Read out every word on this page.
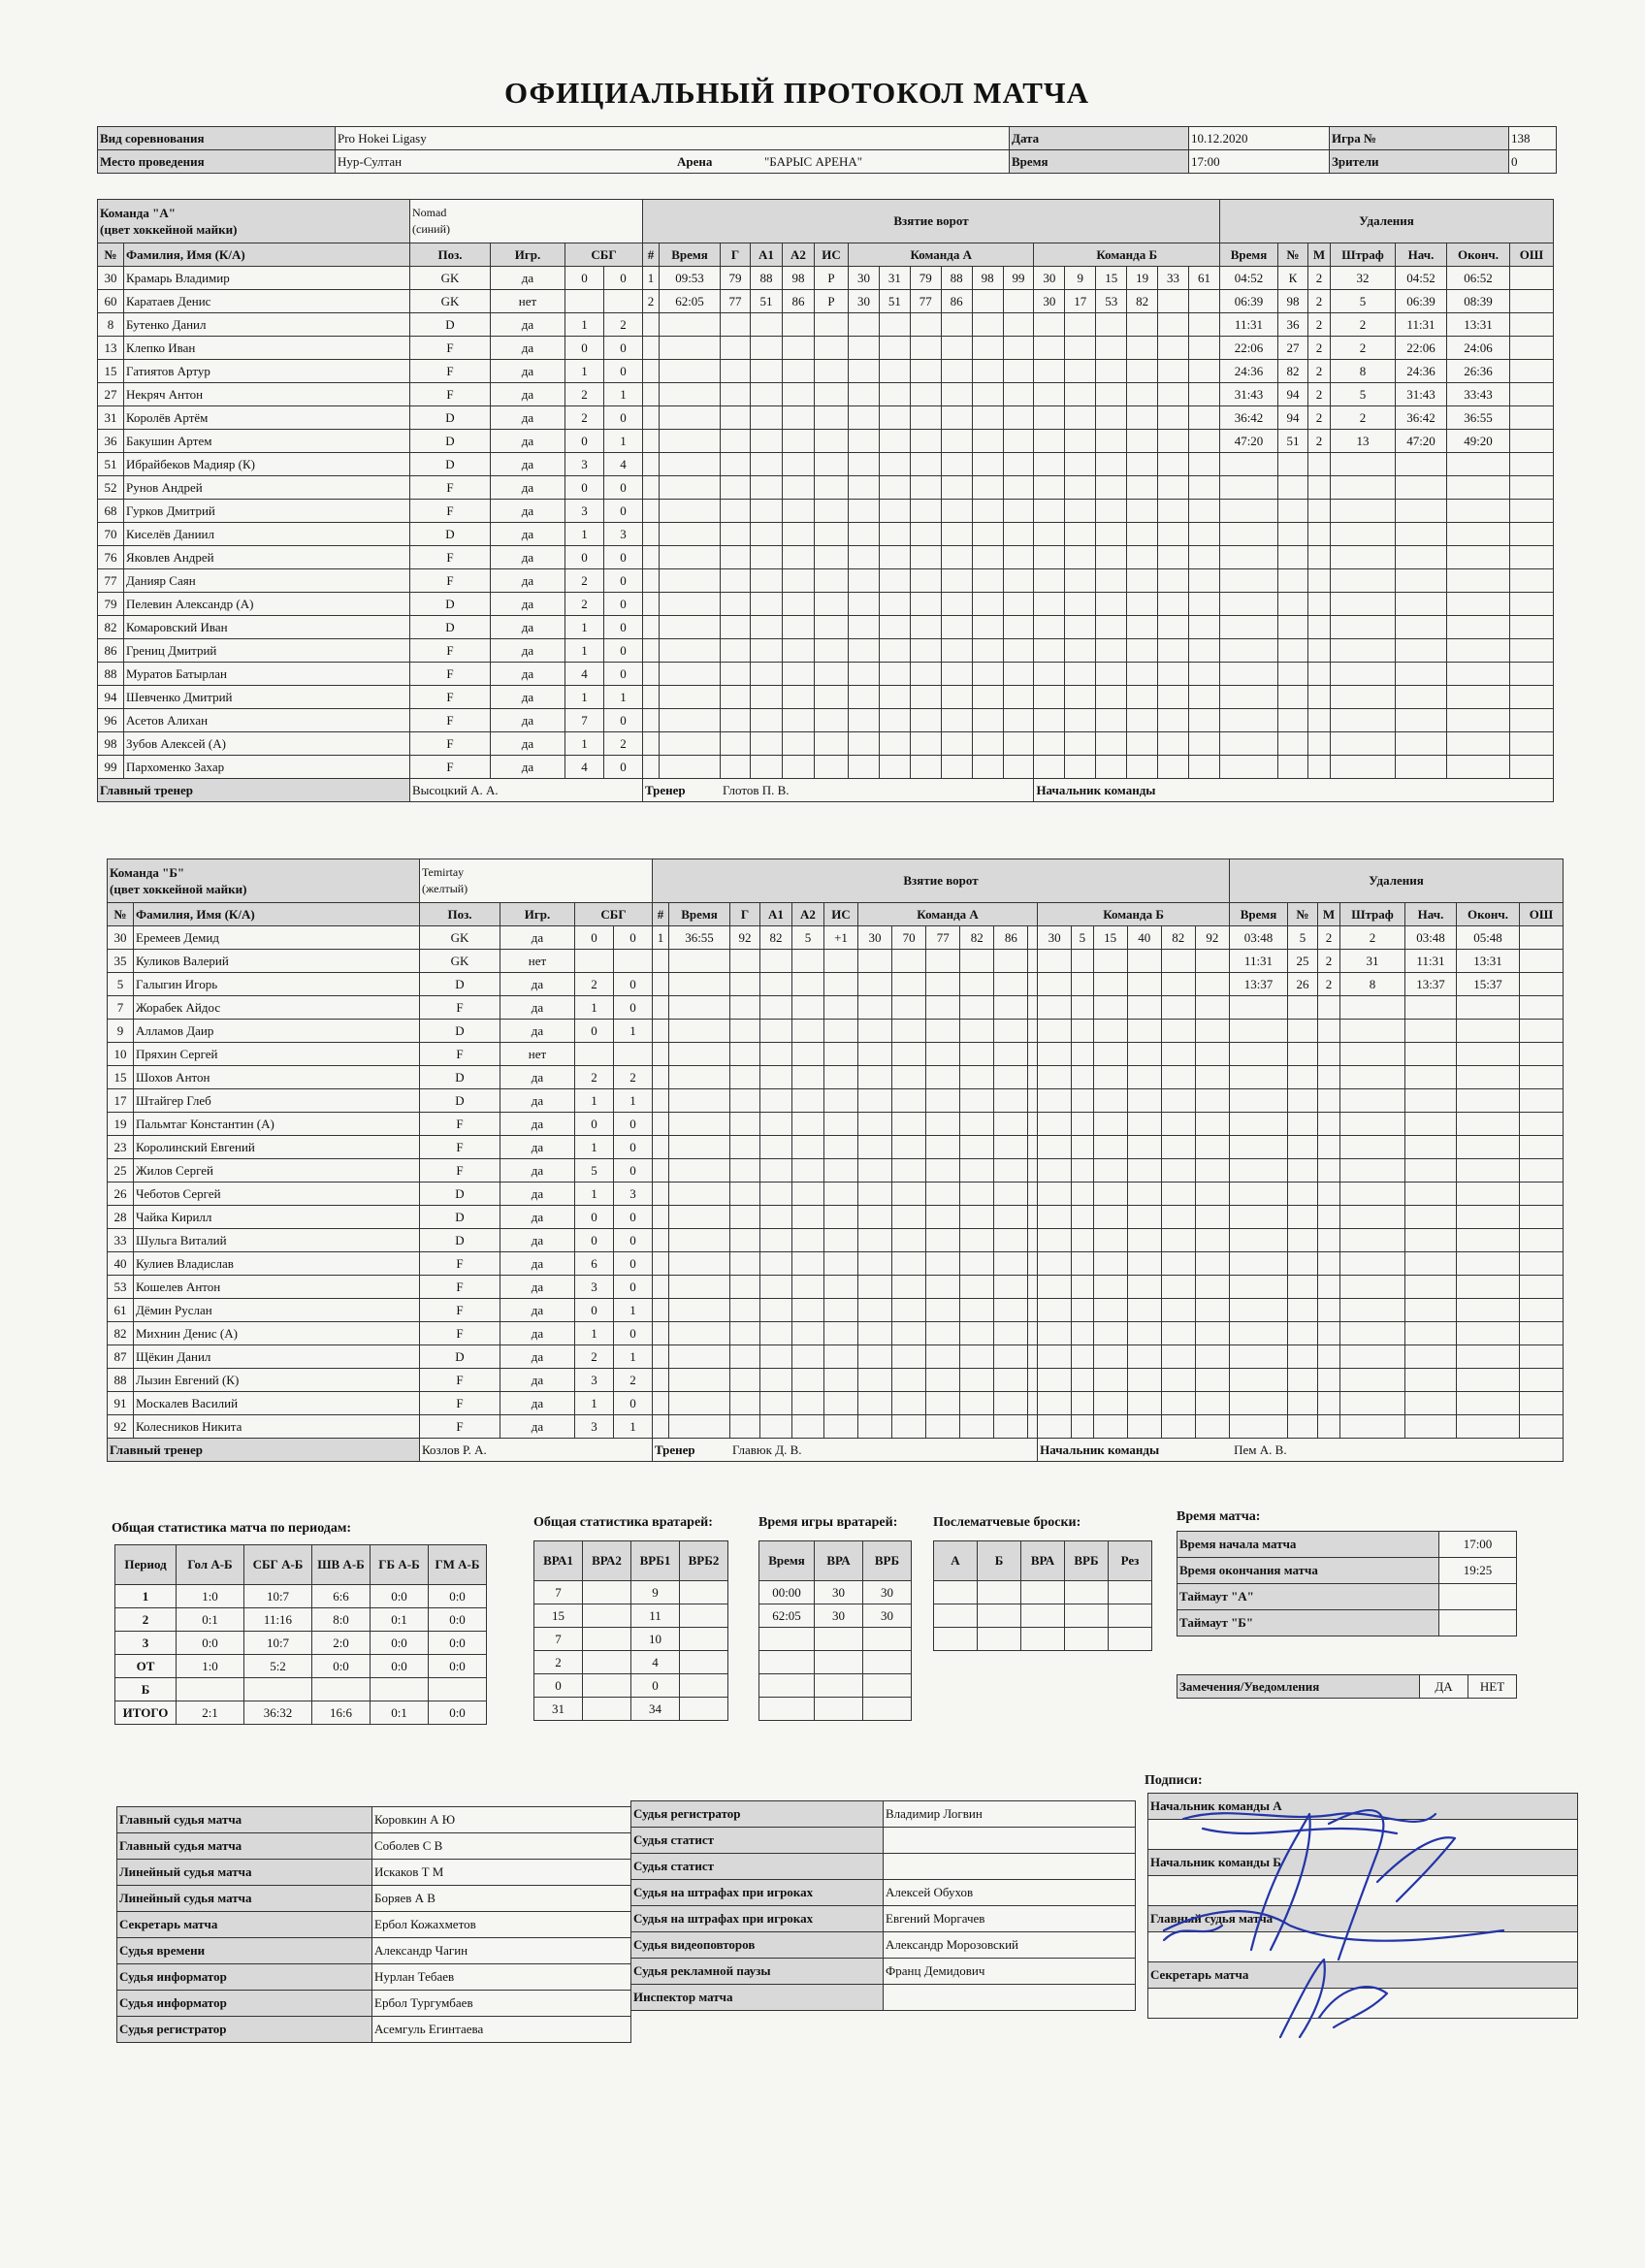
ОФИЦИАЛЬНЫЙ ПРОТОКОЛ МАТЧА
Вид соревнования	Pro Hokei Ligasy	Дата	10.12.2020	Игра №	138
Место проведения	Нур-Султан Арена "БАРЫС АРЕНА"	Время	17:00	Зрители	0
Команда "А"
(цвет хоккейной майки)		Nomad
(синий)				Взятие ворот																		Удаления						
№	Фамилия, Имя (К/А)	Поз.	Игр.	СБГ		#	Время	Г	А1	А2	ИС	Команда А						Команда Б						Время	№	М	Штраф	Нач.	Оконч.	ОШ
30	Крамарь Владимир	GK	да	0	0	1	09:53	79	88	98	Р	30	31	79	88	98	99	30	9	15	19	33	61	04:52	К	2	32	04:52	06:52	
60	Каратаев Денис	GK	нет			2	62:05	77	51	86	Р	30	51	77	86			30	17	53	82			06:39	98	2	5	06:39	08:39	
8	Бутенко Данил	D	да	1	2																			11:31	36	2	2	11:31	13:31	
13	Клепко Иван	F	да	0	0																			22:06	27	2	2	22:06	24:06	
15	Гатиятов Артур	F	да	1	0																			24:36	82	2	8	24:36	26:36	
27	Некряч Антон	F	да	2	1																			31:43	94	2	5	31:43	33:43	
31	Королёв Артём	D	да	2	0																			36:42	94	2	2	36:42	36:55	
36	Бакушин Артем	D	да	0	1																			47:20	51	2	13	47:20	49:20	
51	Ибрайбеков Мадияр (К)	D	да	3	4																									
52	Рунов Андрей	F	да	0	0																									
68	Гурков Дмитрий	F	да	3	0																									
70	Киселёв Даниил	D	да	1	3																									
76	Яковлев Андрей	F	да	0	0																									
77	Данияр Саян	F	да	2	0																									
79	Пелевин Александр (А)	D	да	2	0																									
82	Комаровский Иван	D	да	1	0																									
86	Грениц Дмитрий	F	да	1	0																									
88	Муратов Батырлан	F	да	4	0																									
94	Шевченко Дмитрий	F	да	1	1																									
96	Асетов Алихан	F	да	7	0																									
98	Зубов Алексей (А)	F	да	1	2																									
99	Пархоменко Захар	F	да	4	0																									
Главный тренер		Высоцкий А. А.				Тренер Глотов П. В.												Начальник команды												
Команда "Б"
(цвет хоккейной майки)		Temirtay
(желтый)				Взятие ворот																		Удаления						
№	Фамилия, Имя (К/А)	Поз.	Игр.	СБГ		#	Время	Г	А1	А2	ИС	Команда А						Команда Б						Время	№	М	Штраф	Нач.	Оконч.	ОШ
30	Еремеев Демид	GK	да	0	0	1	36:55	92	82	5	+1	30	70	77	82	86		30	5	15	40	82	92	03:48	5	2	2	03:48	05:48	
35	Куликов Валерий	GK	нет																					11:31	25	2	31	11:31	13:31	
5	Галыгин Игорь	D	да	2	0																			13:37	26	2	8	13:37	15:37	
7	Жорабек Айдос	F	да	1	0																									
9	Алламов Даир	D	да	0	1																									
10	Пряхин Сергей	F	нет																											
15	Шохов Антон	D	да	2	2																									
17	Штайгер Глеб	D	да	1	1																									
19	Пальмтаг Константин (А)	F	да	0	0																									
23	Королинский Евгений	F	да	1	0																									
25	Жилов Сергей	F	да	5	0																									
26	Чеботов Сергей	D	да	1	3																									
28	Чайка Кирилл	D	да	0	0																									
33	Шульга Виталий	D	да	0	0																									
40	Кулиев Владислав	F	да	6	0																									
53	Кошелев Антон	F	да	3	0																									
61	Дёмин Руслан	F	да	0	1																									
82	Михнин Денис (А)	F	да	1	0																									
87	Щёкин Данил	D	да	2	1																									
88	Лызин Евгений (К)	F	да	3	2																									
91	Москалев Василий	F	да	1	0																									
92	Колесников Никита	F	да	3	1																									
Главный тренер		Козлов Р. А.				Тренер Главюк Д. В.												Начальник команды Пем А. В.												
Общая статистика матча по периодам:
Период	Гол А-Б	СБГ А-Б	ШВ А-Б	ГБ А-Б	ГМ А-Б
1	1:0	10:7	6:6	0:0	0:0
2	0:1	11:16	8:0	0:1	0:0
3	0:0	10:7	2:0	0:0	0:0
ОТ	1:0	5:2	0:0	0:0	0:0
Б					
ИТОГО	2:1	36:32	16:6	0:1	0:0
Общая статистика вратарей:
ВРА1	ВРА2	ВРБ1	ВРБ2
7		9	
15		11	
7		10	
2		4	
0		0	
31		34	
Время игры вратарей:
Время	ВРА	ВРБ
00:00	30	30
62:05	30	30

Послематчевые броски:
А	Б	ВРА	ВРБ	Рез

Время матча:
Время начала матча	17:00
Время окончания матча	19:25
Таймаут "А"	
Таймаут "Б"	
Замечения/Уведомления	ДА	НЕТ
Главный судья матча	Коровкин А Ю
Главный судья матча	Соболев С В
Линейный судья матча	Искаков Т М
Линейный судья матча	Боряев А В
Секретарь матча	Ербол Кожахметов
Судья времени	Александр Чагин
Судья информатор	Нурлан Тебаев
Судья информатор	Ербол Тургумбаев
Судья регистратор	Асемгуль Егинтаева
Судья регистратор	Владимир Логвин
Судья статист	
Судья статист	
Судья на штрафах при игроках	Алексей Обухов
Судья на штрафах при игроках	Евгений Моргачев
Судья видеоповторов	Александр Морозовский
Судья рекламной паузы	Франц Демидович
Инспектор матча	
Подписи:
Начальник команды А

Начальник команды Б

Главный судья матча

Секретарь матча
